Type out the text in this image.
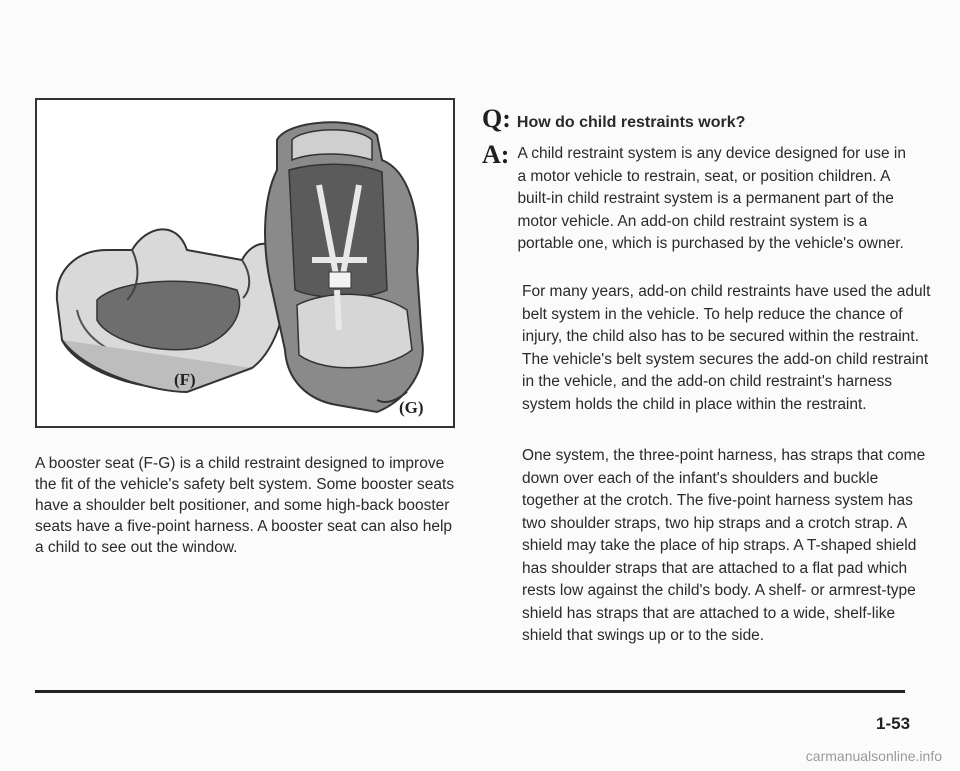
(F)
(G)

A booster seat (F-G) is a child restraint designed to improve the fit of the vehicle's safety belt system. Some booster seats have a shoulder belt positioner, and some high-back booster seats have a five-point harness. A booster seat can also help a child to see out the window.

Q: How do child restraints work?
A: A child restraint system is any device designed for use in a motor vehicle to restrain, seat, or position children. A built-in child restraint system is a permanent part of the motor vehicle. An add-on child restraint system is a portable one, which is purchased by the vehicle's owner.

For many years, add-on child restraints have used the adult belt system in the vehicle. To help reduce the chance of injury, the child also has to be secured within the restraint. The vehicle's belt system secures the add-on child restraint in the vehicle, and the add-on child restraint's harness system holds the child in place within the restraint.

One system, the three-point harness, has straps that come down over each of the infant's shoulders and buckle together at the crotch. The five-point harness system has two shoulder straps, two hip straps and a crotch strap. A shield may take the place of hip straps. A T-shaped shield has shoulder straps that are attached to a flat pad which rests low against the child's body. A shelf- or armrest-type shield has straps that are attached to a wide, shelf-like shield that swings up or to the side.

1-53
carmanualsonline.info
